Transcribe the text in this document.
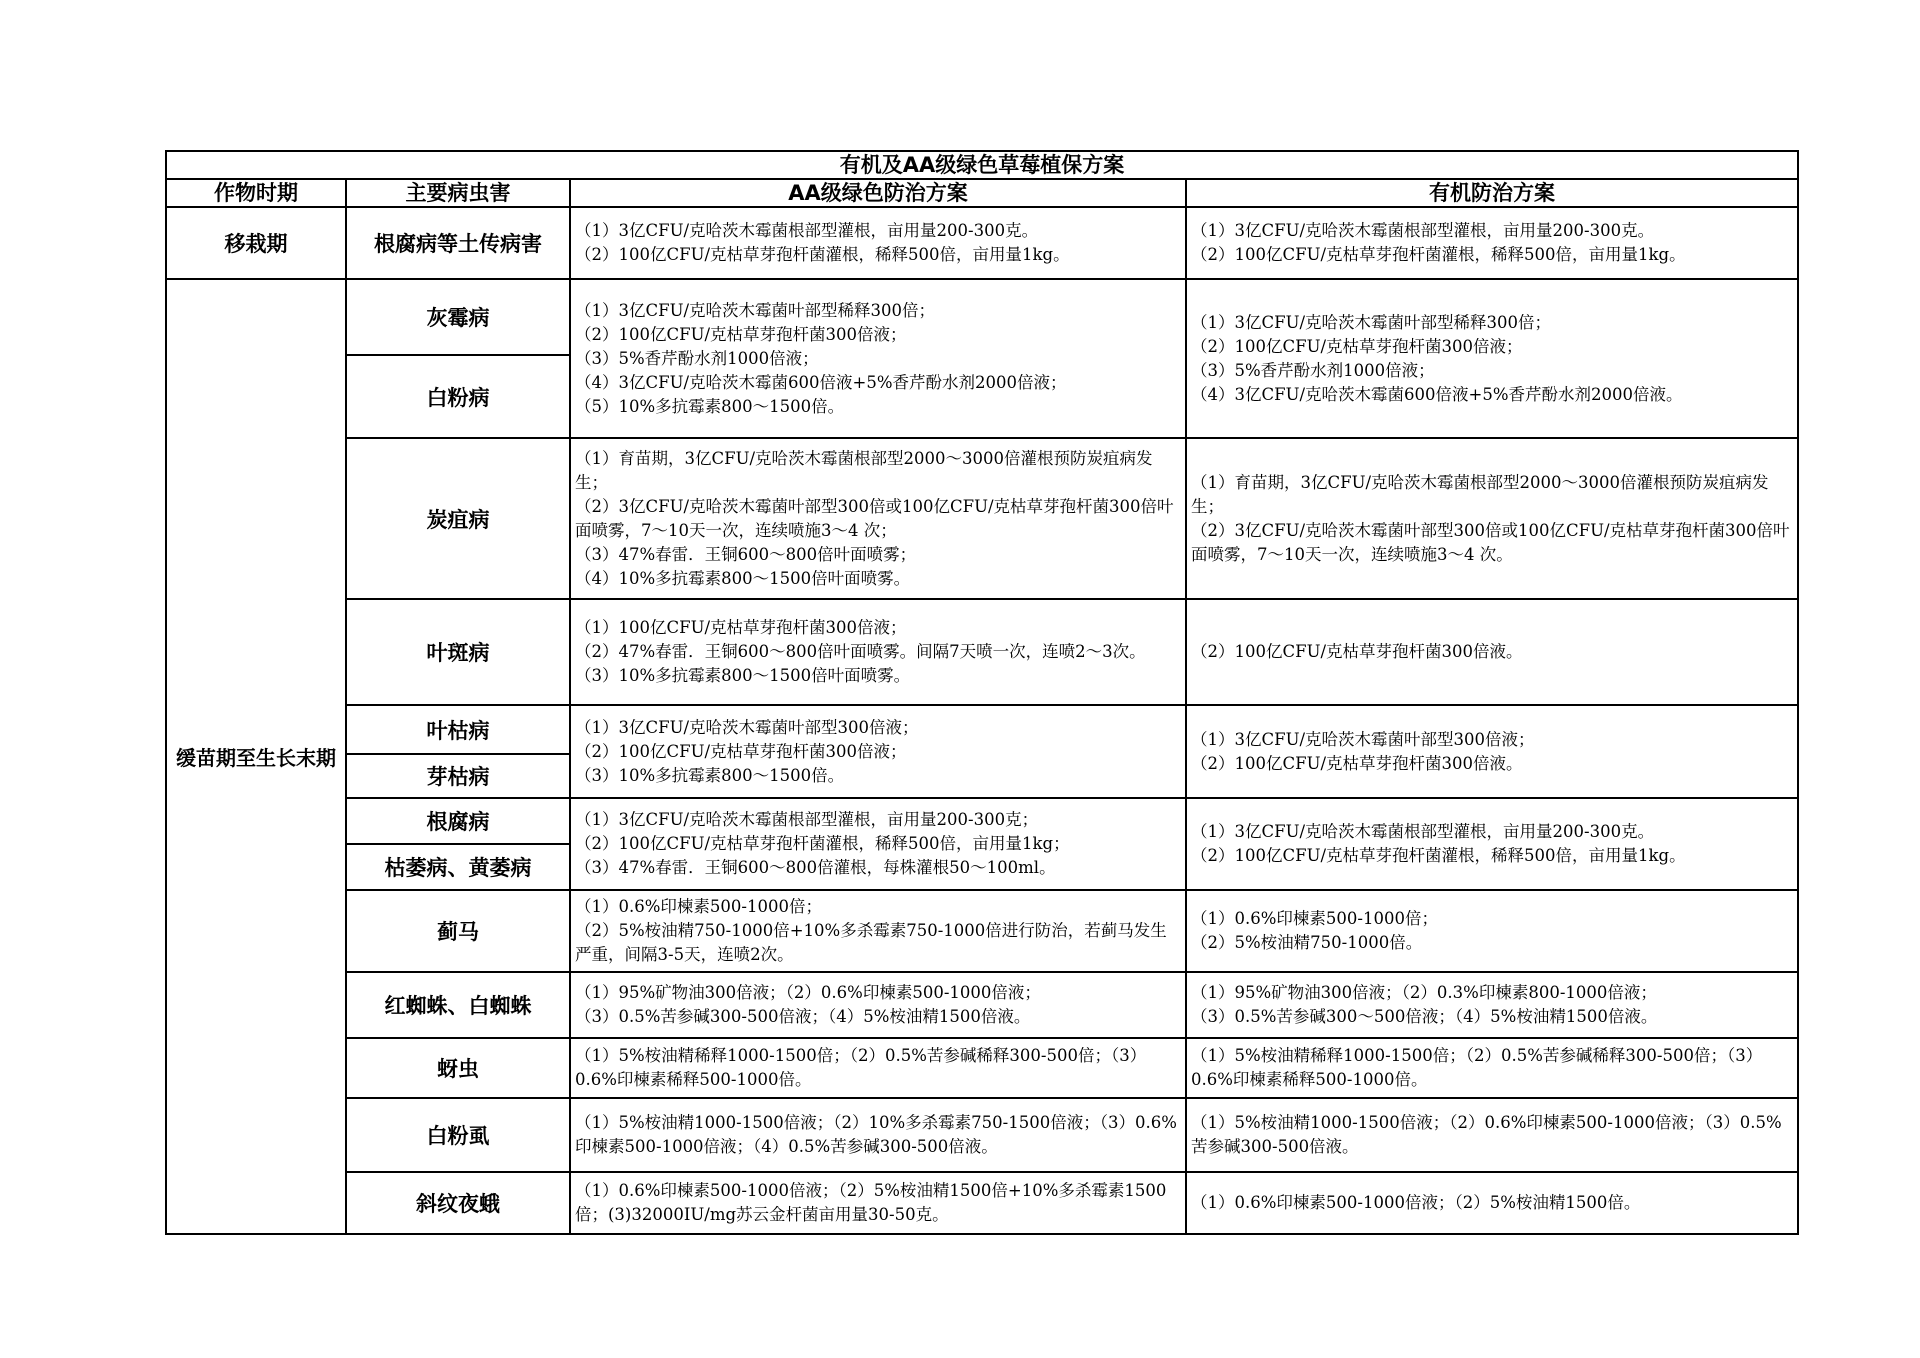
有机及AA级绿色草莓植保方案			
作物时期	主要病虫害	AA级绿色防治方案	有机防治方案
移栽期	根腐病等土传病害	（1）3亿CFU/克哈茨木霉菌根部型灌根，亩用量200-300克。
（2）100亿CFU/克枯草芽孢杆菌灌根，稀释500倍，亩用量1kg。	（1）3亿CFU/克哈茨木霉菌根部型灌根，亩用量200-300克。
（2）100亿CFU/克枯草芽孢杆菌灌根，稀释500倍，亩用量1kg。

缓苗期至生长末期	灰霉病	（1）3亿CFU/克哈茨木霉菌叶部型稀释300倍；
（2）100亿CFU/克枯草芽孢杆菌300倍液；
（3）5%香芹酚水剂1000倍液；
（4）3亿CFU/克哈茨木霉菌600倍液+5%香芹酚水剂2000倍液；
（5）10%多抗霉素800～1500倍。	（1）3亿CFU/克哈茨木霉菌叶部型稀释300倍；
（2）100亿CFU/克枯草芽孢杆菌300倍液；
（3）5%香芹酚水剂1000倍液；
（4）3亿CFU/克哈茨木霉菌600倍液+5%香芹酚水剂2000倍液。

	白粉病		
	炭疽病	（1）育苗期，3亿CFU/克哈茨木霉菌根部型2000～3000倍灌根预防炭疽病发生；
（2）3亿CFU/克哈茨木霉菌叶部型300倍或100亿CFU/克枯草芽孢杆菌300倍叶面喷雾，7～10天一次，连续喷施3～4 次；
（3）47%春雷．王铜600～800倍叶面喷雾；
（4）10%多抗霉素800～1500倍叶面喷雾。	（1）育苗期，3亿CFU/克哈茨木霉菌根部型2000～3000倍灌根预防炭疽病发生；
（2）3亿CFU/克哈茨木霉菌叶部型300倍或100亿CFU/克枯草芽孢杆菌300倍叶面喷雾，7～10天一次，连续喷施3～4 次。

	叶斑病	（1）100亿CFU/克枯草芽孢杆菌300倍液；
（2）47%春雷．王铜600～800倍叶面喷雾。间隔7天喷一次，连喷2～3次。
（3）10%多抗霉素800～1500倍叶面喷雾。	（2）100亿CFU/克枯草芽孢杆菌300倍液。

	叶枯病	（1）3亿CFU/克哈茨木霉菌叶部型300倍液；
（2）100亿CFU/克枯草芽孢杆菌300倍液；
（3）10%多抗霉素800～1500倍。	（1）3亿CFU/克哈茨木霉菌叶部型300倍液；
（2）100亿CFU/克枯草芽孢杆菌300倍液。

	芽枯病		
	根腐病	（1）3亿CFU/克哈茨木霉菌根部型灌根，亩用量200-300克；
（2）100亿CFU/克枯草芽孢杆菌灌根，稀释500倍，亩用量1kg；
（3）47%春雷．王铜600～800倍灌根，每株灌根50～100ml。	（1）3亿CFU/克哈茨木霉菌根部型灌根，亩用量200-300克。
（2）100亿CFU/克枯草芽孢杆菌灌根，稀释500倍，亩用量1kg。

	枯萎病、黄萎病		
	蓟马	（1）0.6%印楝素500-1000倍；
（2）5%桉油精750-1000倍+10%多杀霉素750-1000倍进行防治，若蓟马发生严重，间隔3-5天，连喷2次。	（1）0.6%印楝素500-1000倍；
（2）5%桉油精750-1000倍。

	红蜘蛛、白蜘蛛	（1）95%矿物油300倍液；（2）0.6%印楝素500-1000倍液；
（3）0.5%苦参碱300-500倍液；（4）5%桉油精1500倍液。	（1）95%矿物油300倍液；（2）0.3%印楝素800-1000倍液；
（3）0.5%苦参碱300～500倍液；（4）5%桉油精1500倍液。

	蚜虫	（1）5%桉油精稀释1000-1500倍；（2）0.5%苦参碱稀释300-500倍；（3）0.6%印楝素稀释500-1000倍。	（1）5%桉油精稀释1000-1500倍；（2）0.5%苦参碱稀释300-500倍；（3）0.6%印楝素稀释500-1000倍。

	白粉虱	（1）5%桉油精1000-1500倍液；（2）10%多杀霉素750-1500倍液；（3）0.6%印楝素500-1000倍液；（4）0.5%苦参碱300-500倍液。	（1）5%桉油精1000-1500倍液；（2）0.6%印楝素500-1000倍液；（3）0.5%苦参碱300-500倍液。

	斜纹夜蛾	（1）0.6%印楝素500-1000倍液；（2）5%桉油精1500倍+10%多杀霉素1500倍；(3)32000IU/mg苏云金杆菌亩用量30-50克。	（1）0.6%印楝素500-1000倍液；（2）5%桉油精1500倍。
